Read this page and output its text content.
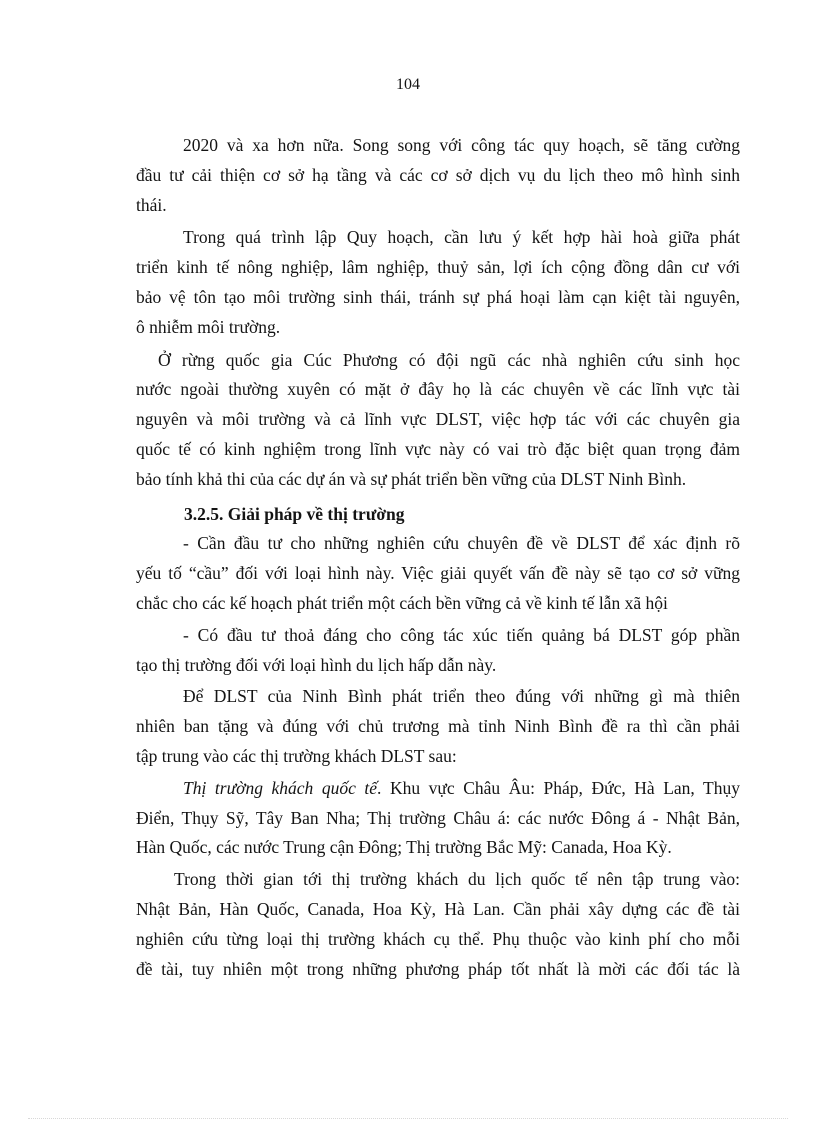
104
2020 và xa hơn nữa. Song song với công tác quy hoạch, sẽ tăng cường
đầu tư cải thiện cơ sở hạ tầng và các cơ sở dịch vụ du lịch theo mô hình sinh
thái.
Trong quá trình lập Quy hoạch, cần lưu ý kết hợp hài hoà giữa phát
triển kinh tế nông nghiệp, lâm nghiệp, thuỷ sản, lợi ích cộng đồng dân cư với
bảo vệ tôn tạo môi trường sinh thái, tránh sự phá hoại làm cạn kiệt tài nguyên,
ô nhiễm môi trường.
Ở rừng quốc gia Cúc Phương có đội ngũ các nhà nghiên cứu sinh học
nước ngoài thường xuyên có mặt ở đây họ là các chuyên về các lĩnh vực tài
nguyên và môi trường và cả lĩnh vực DLST, việc hợp tác với các chuyên gia
quốc tế có kinh nghiệm trong lĩnh vực này có vai trò đặc biệt quan trọng đảm
bảo tính khả thi của các dự án và sự phát triển bền vững của DLST Ninh Bình.
3.2.5. Giải pháp về thị trường
- Cần đầu tư cho những nghiên cứu chuyên đề về DLST để xác định rõ
yếu tố “cầu” đối với loại hình này. Việc giải quyết vấn đề này sẽ tạo cơ sở vững
chắc cho các kế hoạch phát triển một cách bền vững cả về kinh tế lẫn xã hội
- Có đầu tư thoả đáng cho công tác xúc tiến quảng bá DLST góp phần
tạo thị trường đối với loại hình du lịch hấp dẫn này.
Để DLST của Ninh Bình phát triển theo đúng với những gì mà thiên
nhiên ban tặng và đúng với chủ trương mà tỉnh Ninh Bình đề ra thì cần phải
tập trung vào các thị trường khách DLST sau:
Thị trường khách quốc tế. Khu vực Châu Âu: Pháp, Đức, Hà Lan, Thụy
Điển, Thụy Sỹ, Tây Ban Nha; Thị trường Châu á: các nước Đông á - Nhật Bản,
Hàn Quốc, các nước Trung cận Đông; Thị trường Bắc Mỹ: Canada, Hoa Kỳ.
Trong thời gian tới thị trường khách du lịch quốc tế nên tập trung vào:
Nhật Bản, Hàn Quốc, Canada, Hoa Kỳ, Hà Lan. Cần phải xây dựng các đề tài
nghiên cứu từng loại thị trường khách cụ thể. Phụ thuộc vào kinh phí cho mỗi
đề tài, tuy nhiên một trong những phương pháp tốt nhất là mời các đối tác là
